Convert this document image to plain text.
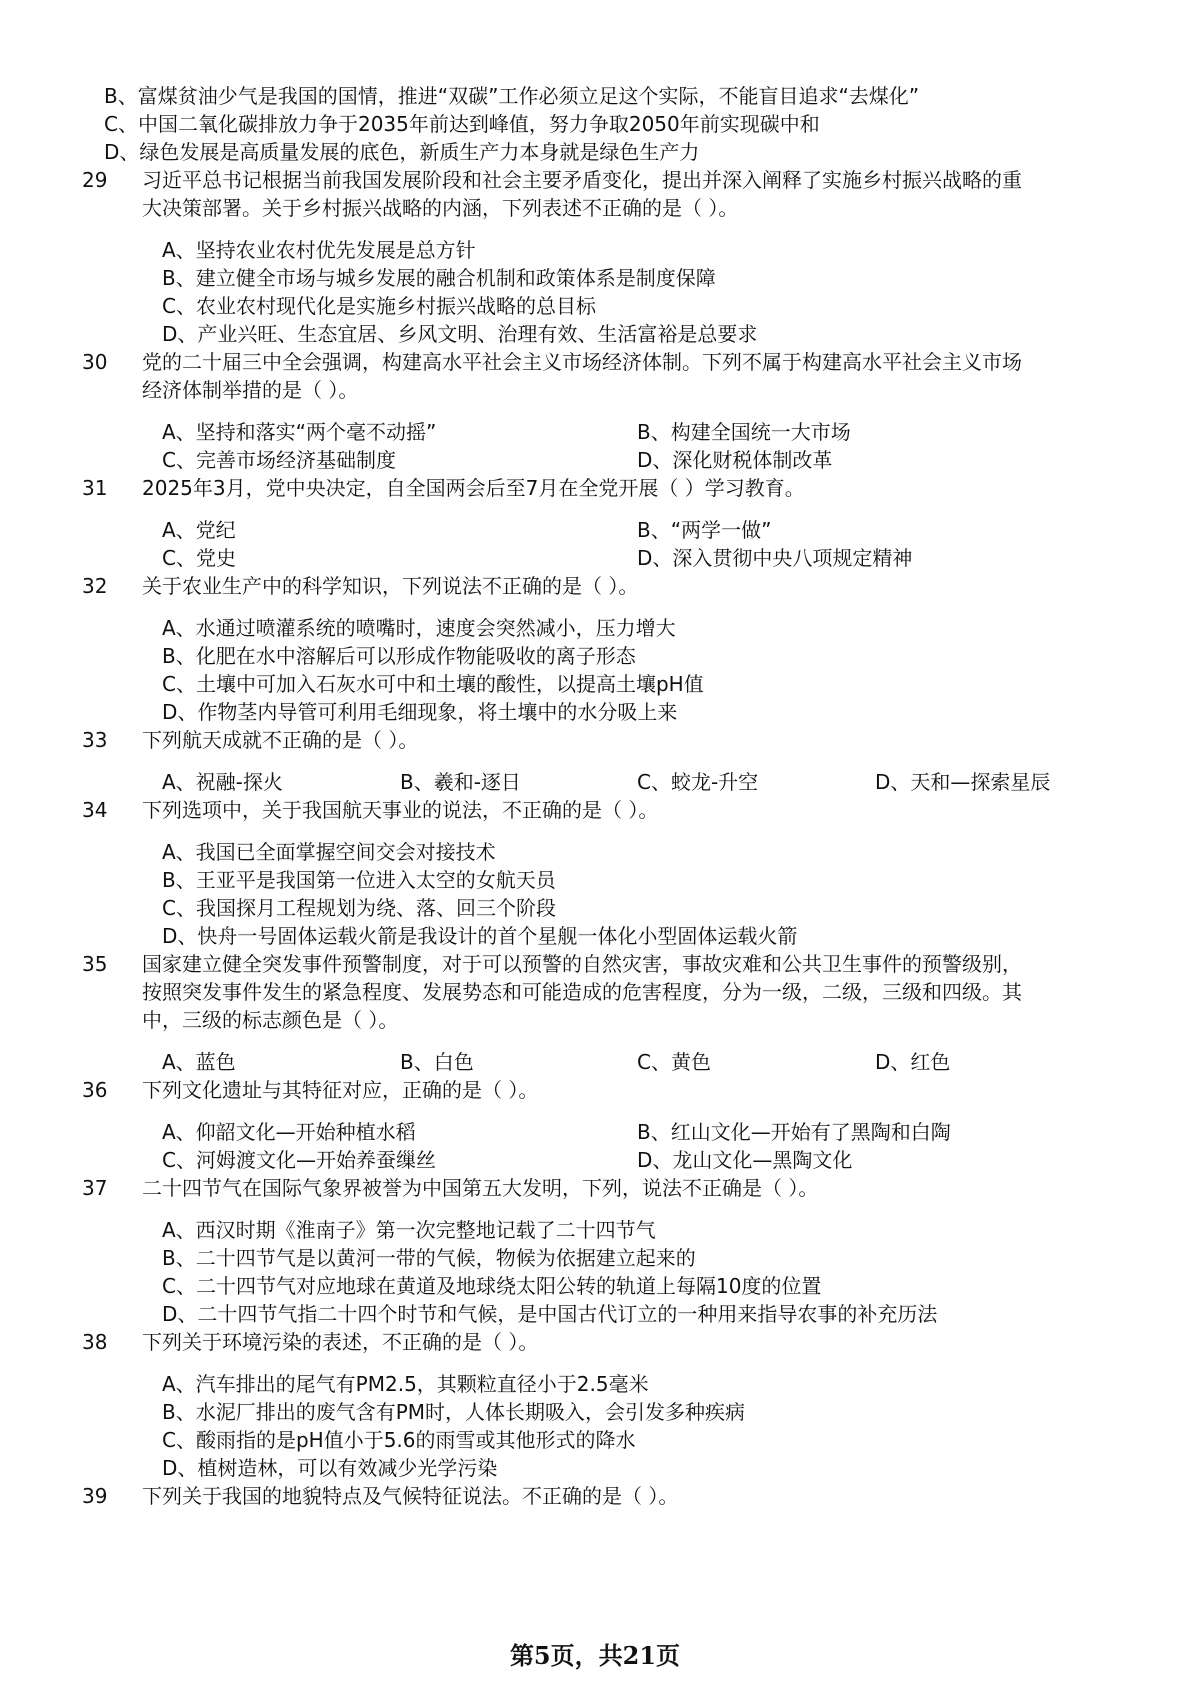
B、富煤贫油少气是我国的国情，推进“双碳”工作必须立足这个实际，不能盲目追求“去煤化”
C、中国二氧化碳排放力争于2035年前达到峰值，努力争取2050年前实现碳中和
D、绿色发展是高质量发展的底色，新质生产力本身就是绿色生产力
29 习近平总书记根据当前我国发展阶段和社会主要矛盾变化，提出并深入阐释了实施乡村振兴战略的重
大决策部署。关于乡村振兴战略的内涵，下列表述不正确的是（ ）。
A、坚持农业农村优先发展是总方针
B、建立健全市场与城乡发展的融合机制和政策体系是制度保障
C、农业农村现代化是实施乡村振兴战略的总目标
D、产业兴旺、生态宜居、乡风文明、治理有效、生活富裕是总要求
30 党的二十届三中全会强调，构建高水平社会主义市场经济体制。下列不属于构建高水平社会主义市场
经济体制举措的是（ ）。
A、坚持和落实“两个毫不动摇”	B、构建全国统一大市场
C、完善市场经济基础制度	D、深化财税体制改革
31 2025年3月，党中央决定，自全国两会后至7月在全党开展（ ）学习教育。
A、党纪	B、“两学一做”
C、党史	D、深入贯彻中央八项规定精神
32 关于农业生产中的科学知识，下列说法不正确的是（ ）。
A、水通过喷灌系统的喷嘴时，速度会突然减小，压力增大
B、化肥在水中溶解后可以形成作物能吸收的离子形态
C、土壤中可加入石灰水可中和土壤的酸性，以提高土壤pH值
D、作物茎内导管可利用毛细现象，将土壤中的水分吸上来
33 下列航天成就不正确的是（ ）。
A、祝融-探火	B、羲和-逐日	C、蛟龙-升空	D、天和—探索星辰
34 下列选项中，关于我国航天事业的说法，不正确的是（ ）。
A、我国已全面掌握空间交会对接技术
B、王亚平是我国第一位进入太空的女航天员
C、我国探月工程规划为绕、落、回三个阶段
D、快舟一号固体运载火箭是我设计的首个星舰一体化小型固体运载火箭
35 国家建立健全突发事件预警制度，对于可以预警的自然灾害，事故灾难和公共卫生事件的预警级别，
按照突发事件发生的紧急程度、发展势态和可能造成的危害程度，分为一级，二级，三级和四级。其
中，三级的标志颜色是（ ）。
A、蓝色	B、白色	C、黄色	D、红色
36 下列文化遗址与其特征对应，正确的是（ ）。
A、仰韶文化—开始种植水稻	B、红山文化—开始有了黑陶和白陶
C、河姆渡文化—开始养蚕缫丝	D、龙山文化—黑陶文化
37 二十四节气在国际气象界被誉为中国第五大发明，下列，说法不正确是（ ）。
A、西汉时期《淮南子》第一次完整地记载了二十四节气
B、二十四节气是以黄河一带的气候，物候为依据建立起来的
C、二十四节气对应地球在黄道及地球绕太阳公转的轨道上每隔10度的位置
D、二十四节气指二十四个时节和气候，是中国古代订立的一种用来指导农事的补充历法
38 下列关于环境污染的表述，不正确的是（ ）。
A、汽车排出的尾气有PM2.5，其颗粒直径小于2.5毫米
B、水泥厂排出的废气含有PM时，人体长期吸入，会引发多种疾病
C、酸雨指的是pH值小于5.6的雨雪或其他形式的降水
D、植树造林，可以有效减少光学污染
39 下列关于我国的地貌特点及气候特征说法。不正确的是（ ）。
第5页，共21页
